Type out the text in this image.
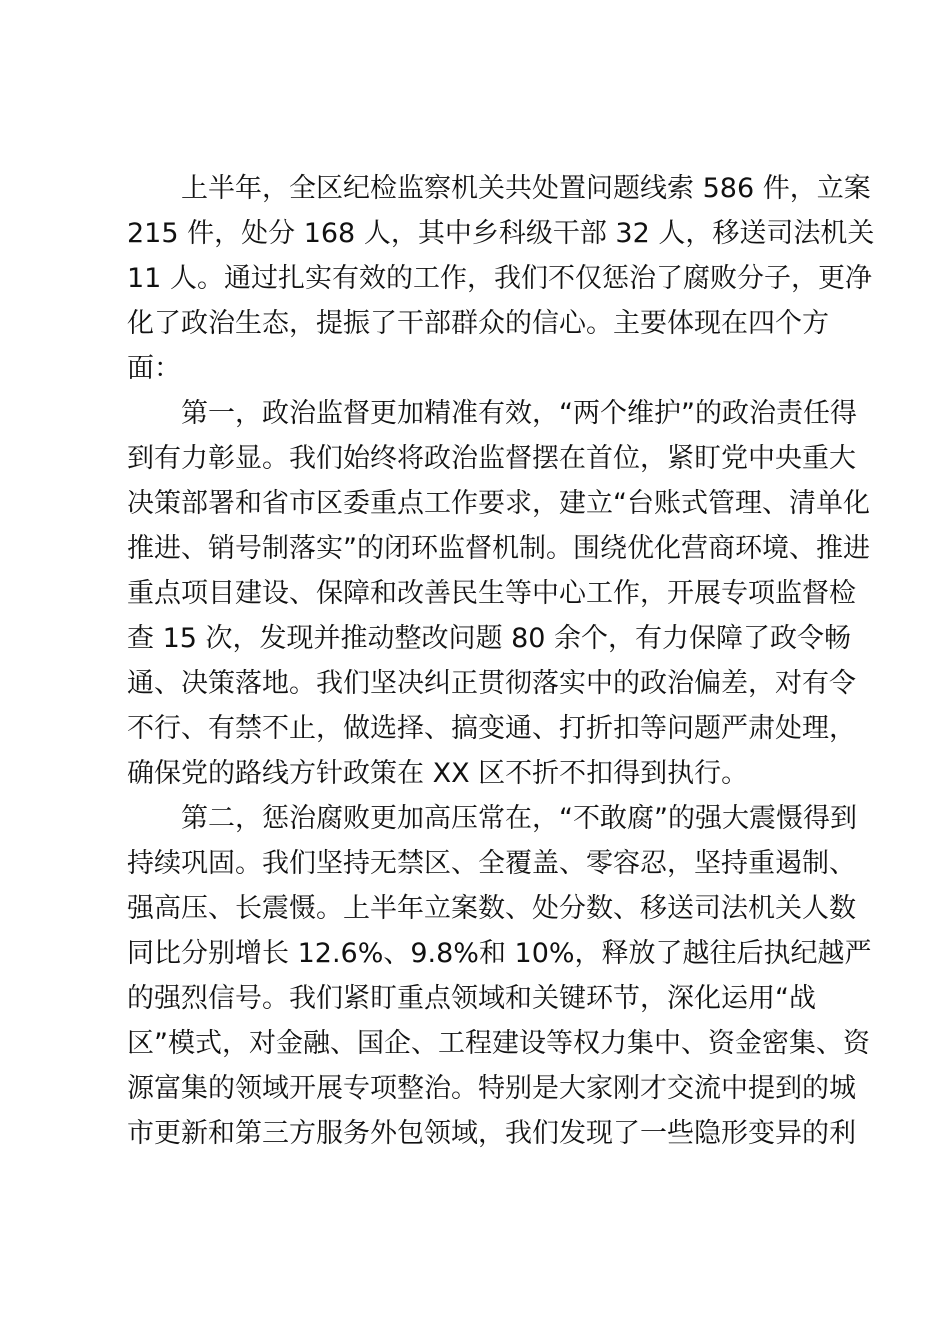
上半年，全区纪检监察机关共处置问题线索 586 件，立案
215 件，处分 168 人，其中乡科级干部 32 人，移送司法机关
11 人。通过扎实有效的工作，我们不仅惩治了腐败分子，更净
化了政治生态，提振了干部群众的信心。主要体现在四个方
面：
第一，政治监督更加精准有效，“两个维护”的政治责任得
到有力彰显。我们始终将政治监督摆在首位，紧盯党中央重大
决策部署和省市区委重点工作要求，建立“台账式管理、清单化
推进、销号制落实”的闭环监督机制。围绕优化营商环境、推进
重点项目建设、保障和改善民生等中心工作，开展专项监督检
查 15 次，发现并推动整改问题 80 余个，有力保障了政令畅
通、决策落地。我们坚决纠正贯彻落实中的政治偏差，对有令
不行、有禁不止，做选择、搞变通、打折扣等问题严肃处理，
确保党的路线方针政策在 XX 区不折不扣得到执行。
第二，惩治腐败更加高压常在，“不敢腐”的强大震慑得到
持续巩固。我们坚持无禁区、全覆盖、零容忍，坚持重遏制、
强高压、长震慑。上半年立案数、处分数、移送司法机关人数
同比分别增长 12.6%、9.8%和 10%，释放了越往后执纪越严
的强烈信号。我们紧盯重点领域和关键环节，深化运用“战
区”模式，对金融、国企、工程建设等权力集中、资金密集、资
源富集的领域开展专项整治。特别是大家刚才交流中提到的城
市更新和第三方服务外包领域，我们发现了一些隐形变异的利
